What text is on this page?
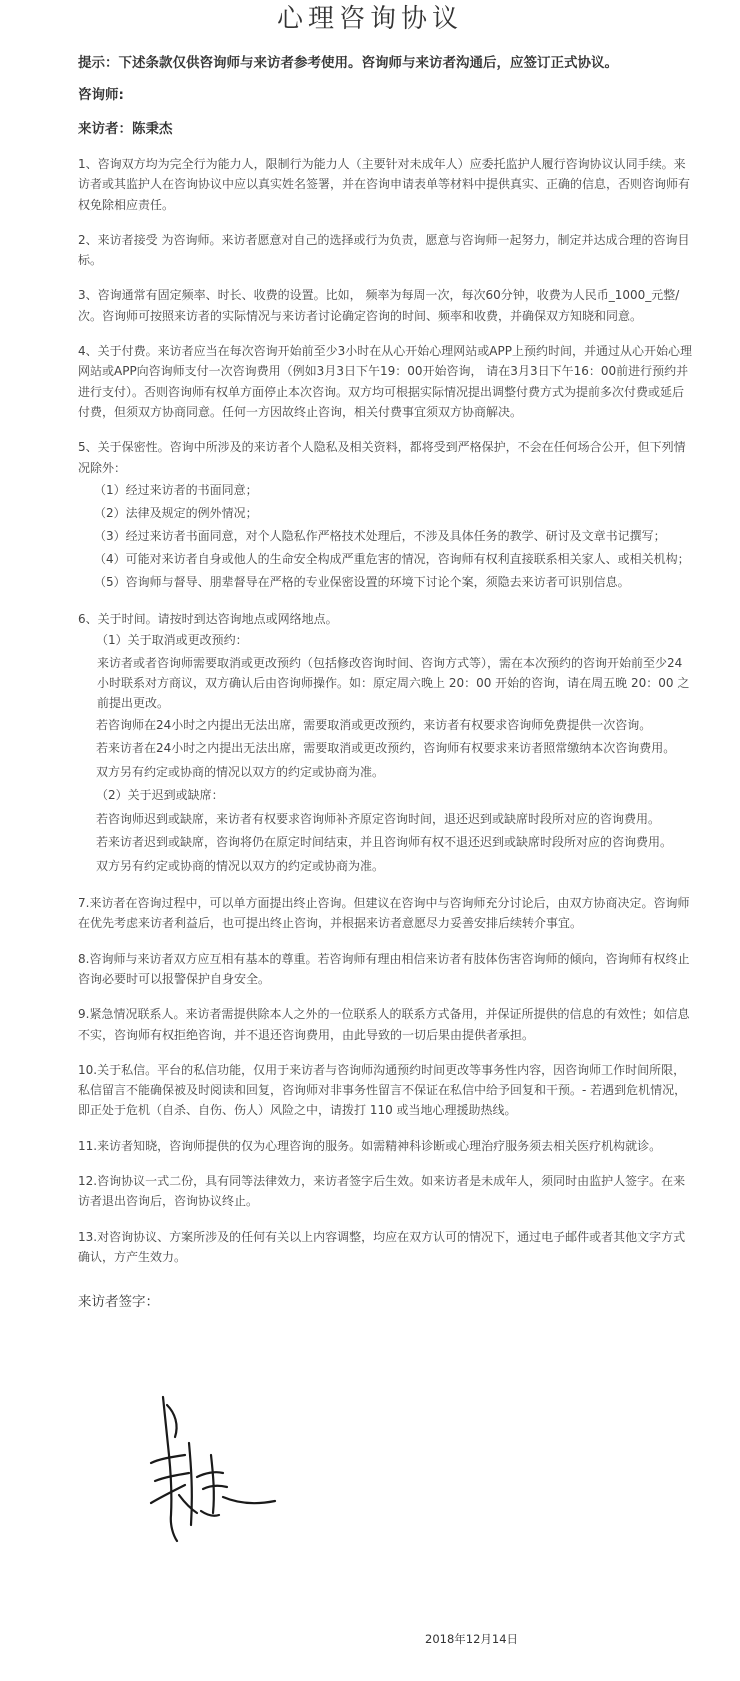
心理咨询协议
提示：下述条款仅供咨询师与来访者参考使用。咨询师与来访者沟通后，应签订正式协议。
咨询师:
来访者：陈秉杰

1、咨询双方均为完全行为能力人，限制行为能力人（主要针对未成年人）应委托监护人履行咨询协议认同手续。来访者或其监护人在咨询协议中应以真实姓名签署，并在咨询申请表单等材料中提供真实、正确的信息，否则咨询师有权免除相应责任。

2、来访者接受 为咨询师。来访者愿意对自己的选择或行为负责，愿意与咨询师一起努力，制定并达成合理的咨询目标。

3、咨询通常有固定频率、时长、收费的设置。比如， 频率为每周一次，每次60分钟，收费为人民币_1000_元整/次。咨询师可按照来访者的实际情况与来访者讨论确定咨询的时间、频率和收费，并确保双方知晓和同意。

4、关于付费。来访者应当在每次咨询开始前至少3小时在从心开始心理网站或APP上预约时间，并通过从心开始心理网站或APP向咨询师支付一次咨询费用（例如3月3日下午19：00开始咨询， 请在3月3日下午16：00前进行预约并进行支付）。否则咨询师有权单方面停止本次咨询。双方均可根据实际情况提出调整付费方式为提前多次付费或延后付费，但须双方协商同意。任何一方因故终止咨询，相关付费事宜须双方协商解决。

5、关于保密性。咨询中所涉及的来访者个人隐私及相关资料，都将受到严格保护，不会在任何场合公开，但下列情况除外：

（1）经过来访者的书面同意；

（2）法律及规定的例外情况；

（3）经过来访者书面同意，对个人隐私作严格技术处理后，不涉及具体任务的教学、研讨及文章书记撰写；

（4）可能对来访者自身或他人的生命安全构成严重危害的情况，咨询师有权利直接联系相关家人、或相关机构；

（5）咨询师与督导、朋辈督导在严格的专业保密设置的环境下讨论个案，须隐去来访者可识别信息。

6、关于时间。请按时到达咨询地点或网络地点。

（1）关于取消或更改预约：

来访者或者咨询师需要取消或更改预约（包括修改咨询时间、咨询方式等），需在本次预约的咨询开始前至少24小时联系对方商议，双方确认后由咨询师操作。如：原定周六晚上 20：00 开始的咨询，请在周五晚 20：00 之前提出更改。

若咨询师在24小时之内提出无法出席，需要取消或更改预约，来访者有权要求咨询师免费提供一次咨询。

若来访者在24小时之内提出无法出席，需要取消或更改预约，咨询师有权要求来访者照常缴纳本次咨询费用。

双方另有约定或协商的情况以双方的约定或协商为准。

（2）关于迟到或缺席：

若咨询师迟到或缺席，来访者有权要求咨询师补齐原定咨询时间，退还迟到或缺席时段所对应的咨询费用。

若来访者迟到或缺席，咨询将仍在原定时间结束，并且咨询师有权不退还迟到或缺席时段所对应的咨询费用。

双方另有约定或协商的情况以双方的约定或协商为准。

7.来访者在咨询过程中，可以单方面提出终止咨询。但建议在咨询中与咨询师充分讨论后，由双方协商决定。咨询师在优先考虑来访者利益后，也可提出终止咨询，并根据来访者意愿尽力妥善安排后续转介事宜。

8.咨询师与来访者双方应互相有基本的尊重。若咨询师有理由相信来访者有肢体伤害咨询师的倾向，咨询师有权终止咨询必要时可以报警保护自身安全。

9.紧急情况联系人。来访者需提供除本人之外的一位联系人的联系方式备用，并保证所提供的信息的有效性；如信息不实，咨询师有权拒绝咨询，并不退还咨询费用，由此导致的一切后果由提供者承担。

10.关于私信。平台的私信功能，仅用于来访者与咨询师沟通预约时间更改等事务性内容，因咨询师工作时间所限，私信留言不能确保被及时阅读和回复，咨询师对非事务性留言不保证在私信中给予回复和干预。- 若遇到危机情况，即正处于危机（自杀、自伤、伤人）风险之中，请拨打 110 或当地心理援助热线。

11.来访者知晓，咨询师提供的仅为心理咨询的服务。如需精神科诊断或心理治疗服务须去相关医疗机构就诊。

12.咨询协议一式二份，具有同等法律效力，来访者签字后生效。如来访者是未成年人，须同时由监护人签字。在来访者退出咨询后，咨询协议终止。

13.对咨询协议、方案所涉及的任何有关以上内容调整，均应在双方认可的情况下，通过电子邮件或者其他文字方式确认，方产生效力。

来访者签字：
2018年12月14日
